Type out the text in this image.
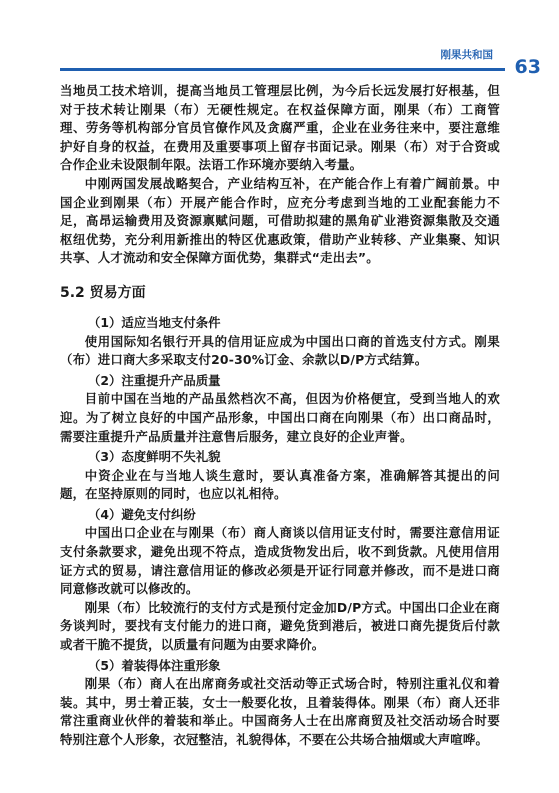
刚果共和国
63

当地员工技术培训，提高当地员工管理层比例，为今后长远发展打好根基，但对于技术转让刚果（布）无硬性规定。在权益保障方面，刚果（布）工商管理、劳务等机构部分官员官僚作风及贪腐严重，企业在业务往来中，要注意维护好自身的权益，在费用及重要事项上留存书面记录。刚果（布）对于合资或合作企业未设限制年限。法语工作环境亦要纳入考量。

中刚两国发展战略契合，产业结构互补，在产能合作上有着广阔前景。中国企业到刚果（布）开展产能合作时，应充分考虑到当地的工业配套能力不足，高昂运输费用及资源禀赋问题，可借助拟建的黑角矿业港资源集散及交通枢纽优势，充分利用新推出的特区优惠政策，借助产业转移、产业集聚、知识共享、人才流动和安全保障方面优势，集群式“走出去”。

5.2 贸易方面
（1）适应当地支付条件

使用国际知名银行开具的信用证应成为中国出口商的首选支付方式。刚果（布）进口商大多采取支付20-30%订金、余款以D/P方式结算。

（2）注重提升产品质量

目前中国在当地的产品虽然档次不高，但因为价格便宜，受到当地人的欢迎。为了树立良好的中国产品形象，中国出口商在向刚果（布）出口商品时，需要注重提升产品质量并注意售后服务，建立良好的企业声誉。

（3）态度鲜明不失礼貌

中资企业在与当地人谈生意时，要认真准备方案，准确解答其提出的问题，在坚持原则的同时，也应以礼相待。

（4）避免支付纠纷

中国出口企业在与刚果（布）商人商谈以信用证支付时，需要注意信用证支付条款要求，避免出现不符点，造成货物发出后，收不到货款。凡使用信用证方式的贸易，请注意信用证的修改必须是开证行同意并修改，而不是进口商同意修改就可以修改的。

刚果（布）比较流行的支付方式是预付定金加D/P方式。中国出口企业在商务谈判时，要找有支付能力的进口商，避免货到港后，被进口商先提货后付款或者干脆不提货，以质量有问题为由要求降价。

（5）着装得体注重形象

刚果（布）商人在出席商务或社交活动等正式场合时，特别注重礼仪和着装。其中，男士着正装，女士一般要化妆，且着装得体。刚果（布）商人还非常注重商业伙伴的着装和举止。中国商务人士在出席商贸及社交活动场合时要特别注意个人形象，衣冠整洁，礼貌得体，不要在公共场合抽烟或大声喧哗。
